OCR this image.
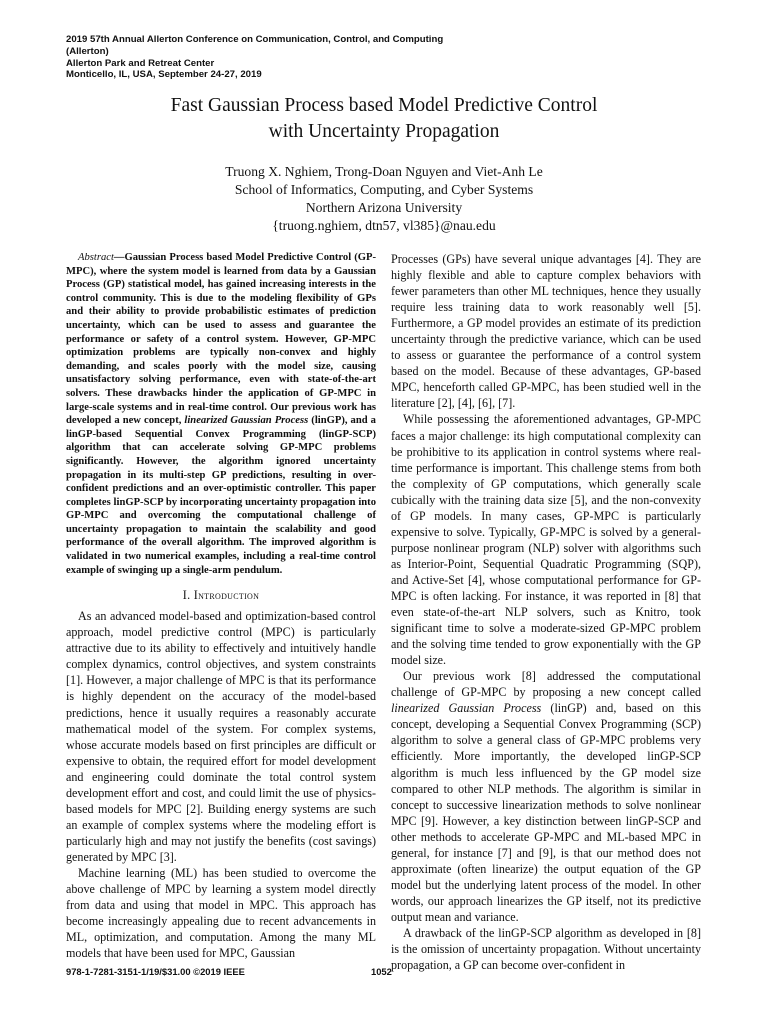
2019 57th Annual Allerton Conference on Communication, Control, and Computing
(Allerton)
Allerton Park and Retreat Center
Monticello, IL, USA, September 24-27, 2019
Fast Gaussian Process based Model Predictive Control
with Uncertainty Propagation
Truong X. Nghiem, Trong-Doan Nguyen and Viet-Anh Le
School of Informatics, Computing, and Cyber Systems
Northern Arizona University
{truong.nghiem, dtn57, vl385}@nau.edu

Abstract—Gaussian Process based Model Predictive Control (GP-MPC), where the system model is learned from data by a Gaussian Process (GP) statistical model, has gained increasing interests in the control community. This is due to the modeling flexibility of GPs and their ability to provide probabilistic estimates of prediction uncertainty, which can be used to assess and guarantee the performance or safety of a control system. However, GP-MPC optimization problems are typically non-convex and highly demanding, and scales poorly with the model size, causing unsatisfactory solving performance, even with state-of-the-art solvers. These drawbacks hinder the application of GP-MPC in large-scale systems and in real-time control. Our previous work has developed a new concept, linearized Gaussian Process (linGP), and a linGP-based Sequential Convex Programming (linGP-SCP) algorithm that can accelerate solving GP-MPC problems significantly. However, the algorithm ignored uncertainty propagation in its multi-step GP predictions, resulting in over-confident predictions and an over-optimistic controller. This paper completes linGP-SCP by incorporating uncertainty propagation into GP-MPC and overcoming the computational challenge of uncertainty propagation to maintain the scalability and good performance of the overall algorithm. The improved algorithm is validated in two numerical examples, including a real-time control example of swinging up a single-arm pendulum.

I. Introduction

As an advanced model-based and optimization-based control approach, model predictive control (MPC) is particularly attractive due to its ability to effectively and intuitively handle complex dynamics, control objectives, and system constraints [1]. However, a major challenge of MPC is that its performance is highly dependent on the accuracy of the model-based predictions, hence it usually requires a reasonably accurate mathematical model of the system. For complex systems, whose accurate models based on first principles are difficult or expensive to obtain, the required effort for model development and engineering could dominate the total control system development effort and cost, and could limit the use of physics-based models for MPC [2]. Building energy systems are such an example of complex systems where the modeling effort is particularly high and may not justify the benefits (cost savings) generated by MPC [3].

Machine learning (ML) has been studied to overcome the above challenge of MPC by learning a system model directly from data and using that model in MPC. This approach has become increasingly appealing due to recent advancements in ML, optimization, and computation. Among the many ML models that have been used for MPC, Gaussian

Processes (GPs) have several unique advantages [4]. They are highly flexible and able to capture complex behaviors with fewer parameters than other ML techniques, hence they usually require less training data to work reasonably well [5]. Furthermore, a GP model provides an estimate of its prediction uncertainty through the predictive variance, which can be used to assess or guarantee the performance of a control system based on the model. Because of these advantages, GP-based MPC, henceforth called GP-MPC, has been studied well in the literature [2], [4], [6], [7].

While possessing the aforementioned advantages, GP-MPC faces a major challenge: its high computational complexity can be prohibitive to its application in control systems where real-time performance is important. This challenge stems from both the complexity of GP computations, which generally scale cubically with the training data size [5], and the non-convexity of GP models. In many cases, GP-MPC is particularly expensive to solve. Typically, GP-MPC is solved by a general-purpose nonlinear program (NLP) solver with algorithms such as Interior-Point, Sequential Quadratic Programming (SQP), and Active-Set [4], whose computational performance for GP-MPC is often lacking. For instance, it was reported in [8] that even state-of-the-art NLP solvers, such as Knitro, took significant time to solve a moderate-sized GP-MPC problem and the solving time tended to grow exponentially with the GP model size.

Our previous work [8] addressed the computational challenge of GP-MPC by proposing a new concept called linearized Gaussian Process (linGP) and, based on this concept, developing a Sequential Convex Programming (SCP) algorithm to solve a general class of GP-MPC problems very efficiently. More importantly, the developed linGP-SCP algorithm is much less influenced by the GP model size compared to other NLP methods. The algorithm is similar in concept to successive linearization methods to solve nonlinear MPC [9]. However, a key distinction between linGP-SCP and other methods to accelerate GP-MPC and ML-based MPC in general, for instance [7] and [9], is that our method does not approximate (often linearize) the output equation of the GP model but the underlying latent process of the model. In other words, our approach linearizes the GP itself, not its predictive output mean and variance.

A drawback of the linGP-SCP algorithm as developed in [8] is the omission of uncertainty propagation. Without uncertainty propagation, a GP can become over-confident in

978-1-7281-3151-1/19/$31.00 ©2019 IEEE	1052
